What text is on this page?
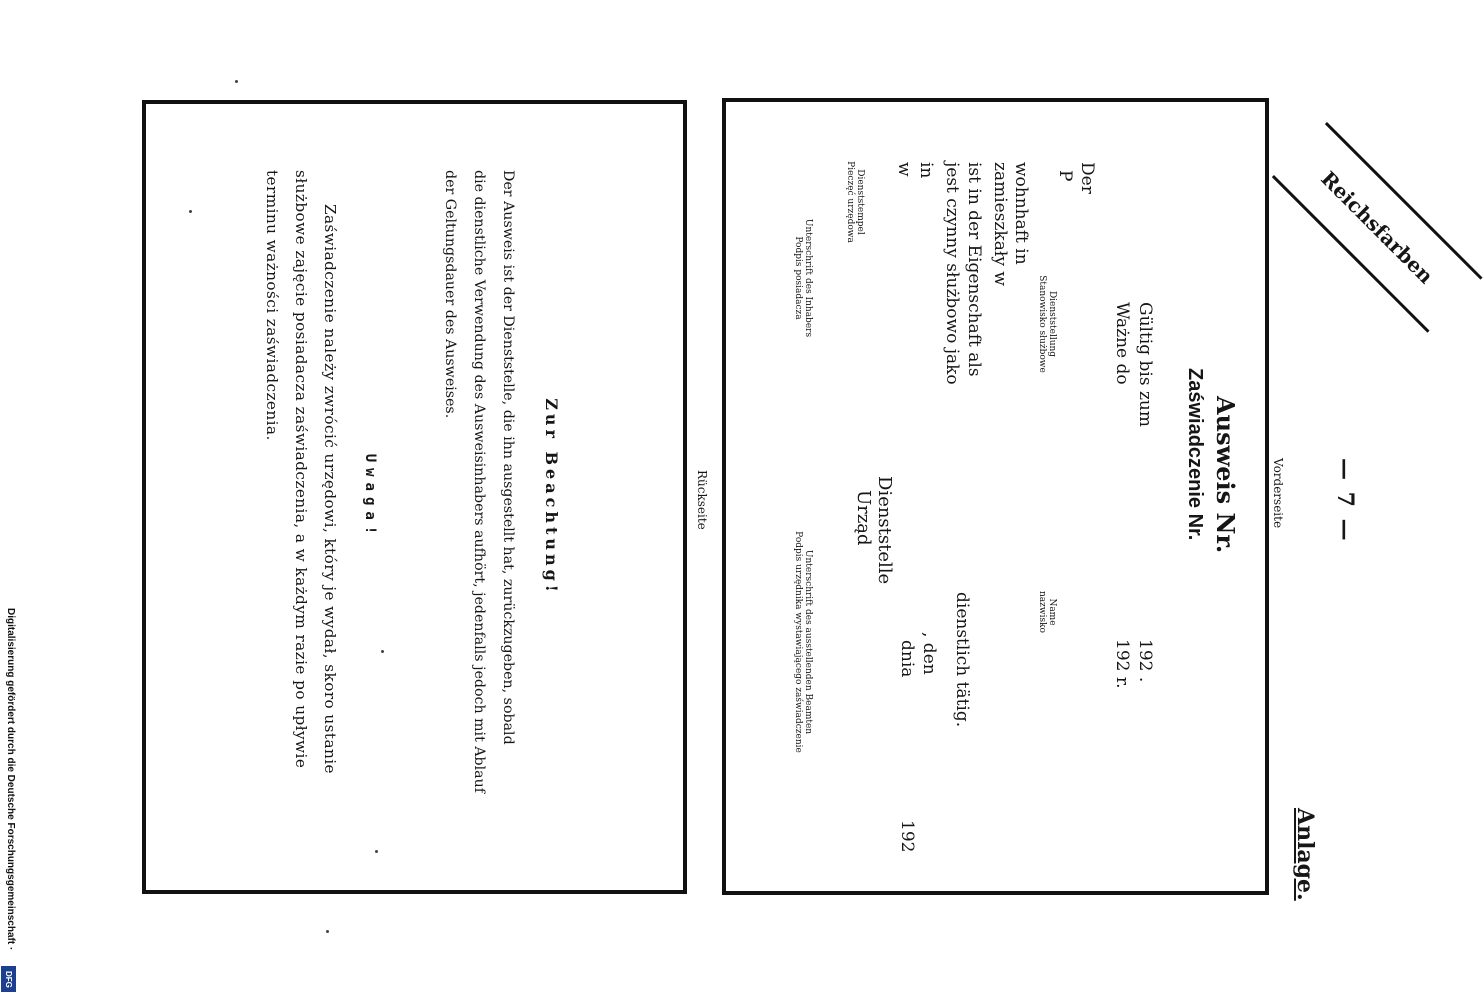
— 7 —
Anlage.
Vorderseite
Reichsfarben
Ausweis Nr.
Zaświadczenie Nr.
Gültig bis zum
Ważne do
192 .
192 r.
Der
P
Dienststellung
Stanowisko służbowe
Name
nazwisko
wohnhaft in
zamieszkały w
ist in der Eigenschaft als
jest czynny służbowo jako
dienstlich tätig.
in
w
, den
dnia
192
Dienststelle
Urząd
Dienststempel
Pieczęć urzędowa
Unterschrift des Inhabers
Podpis posiadacza
Unterschrift des ausstellenden Beamten
Podpis urzędnika wystawiającego zaświadczenie
Rückseite
Zur Beachtung!
Der Ausweis ist der Dienststelle, die ihn ausgestellt hat, zurückzugeben, sobald
die dienstliche Verwendung des Ausweisinhabers aufhört, jedenfalls jedoch mit Ablauf
der Geltungsdauer des Ausweises.
Uwaga!
Zaświadczenie należy zwrócić urzędowi, który je wydał, skoro ustanie
służbowe zajęcie posiadacza zaświadczenia, a w każdym razie po upływie
terminu ważności zaświadczenia.
Digitalisierung gefördert durch die Deutsche Forschungsgemeinschaft ·
DFG
